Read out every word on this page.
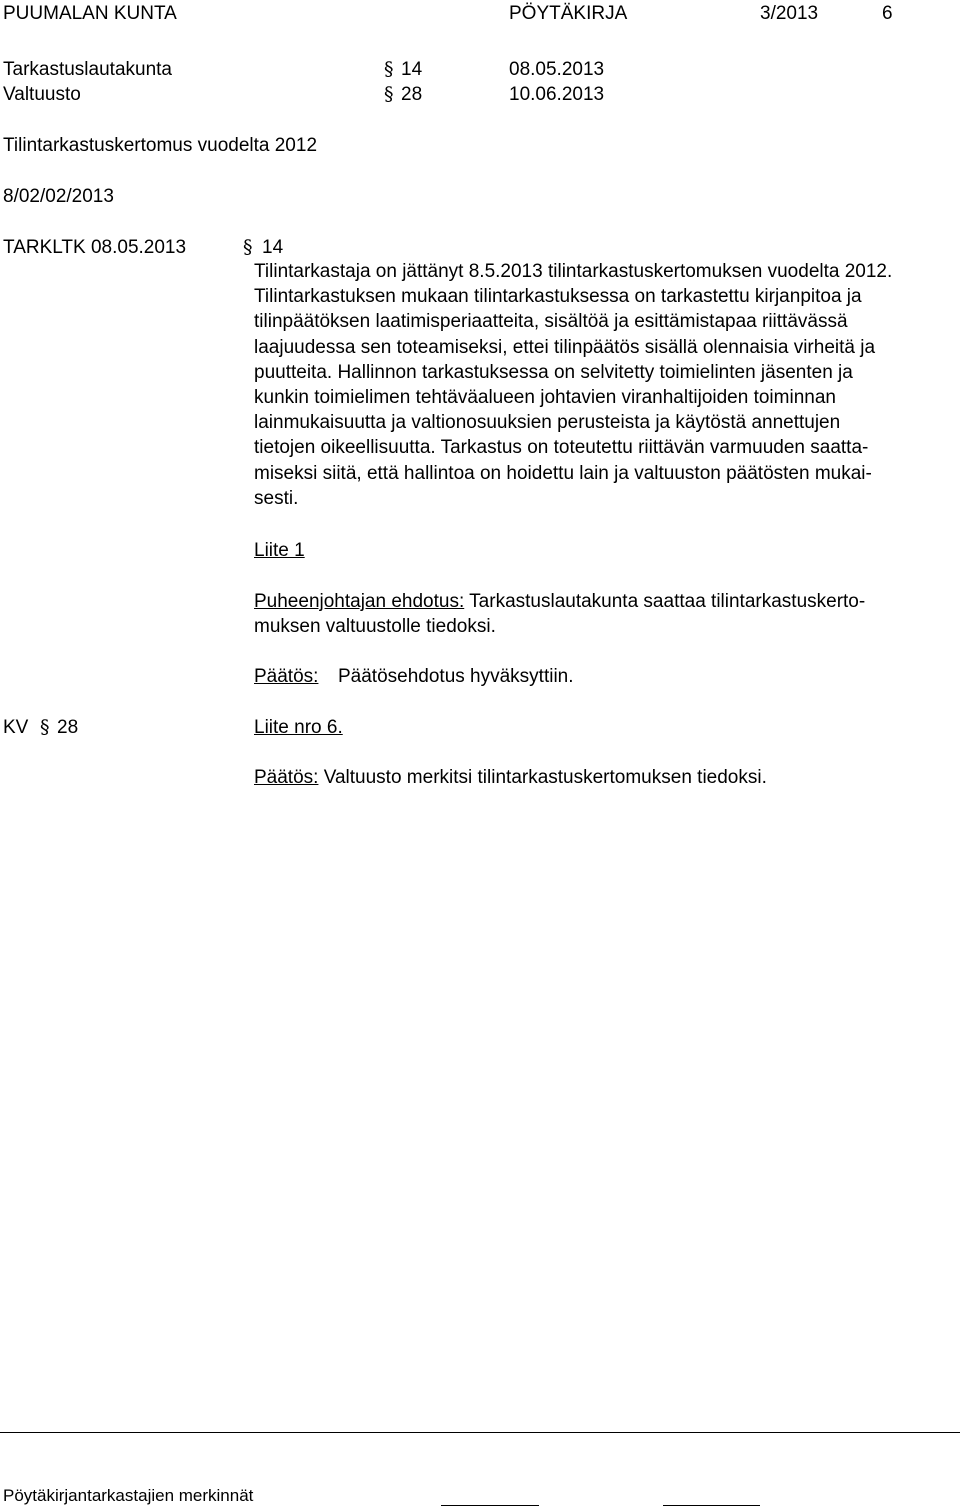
PUUMALAN KUNTA	PÖYTÄKIRJA	3/2013	6
Tarkastuslautakunta	§ 14	08.05.2013
Valtuusto	§ 28	10.06.2013
Tilintarkastuskertomus vuodelta 2012
8/02/02/2013
TARKLTK 08.05.2013	§ 14
Tilintarkastaja on jättänyt 8.5.2013 tilintarkastuskertomuksen vuodelta 2012.
Tilintarkastuksen mukaan tilintarkastuksessa on tarkastettu kirjanpitoa ja
tilinpäätöksen laatimisperiaatteita, sisältöä ja esittämistapaa riittävässä
laajuudessa sen toteamiseksi, ettei tilinpäätös sisällä olennaisia virheitä ja
puutteita. Hallinnon tarkastuksessa on selvitetty toimielinten jäsenten ja
kunkin toimielimen tehtäväalueen johtavien viranhaltijoiden toiminnan
lainmukaisuutta ja valtionosuuksien perusteista ja käytöstä annettujen
tietojen oikeellisuutta. Tarkastus on toteutettu riittävän varmuuden saatta-
miseksi siitä, että hallintoa on hoidettu lain ja valtuuston päätösten mukai-
sesti.
Liite 1
Puheenjohtajan ehdotus: Tarkastuslautakunta saattaa tilintarkastuskerto-
muksen valtuustolle tiedoksi.
Päätös: Päätösehdotus hyväksyttiin.
KV § 28	Liite nro 6.
Päätös: Valtuusto merkitsi tilintarkastuskertomuksen tiedoksi.
Pöytäkirjantarkastajien merkinnät
